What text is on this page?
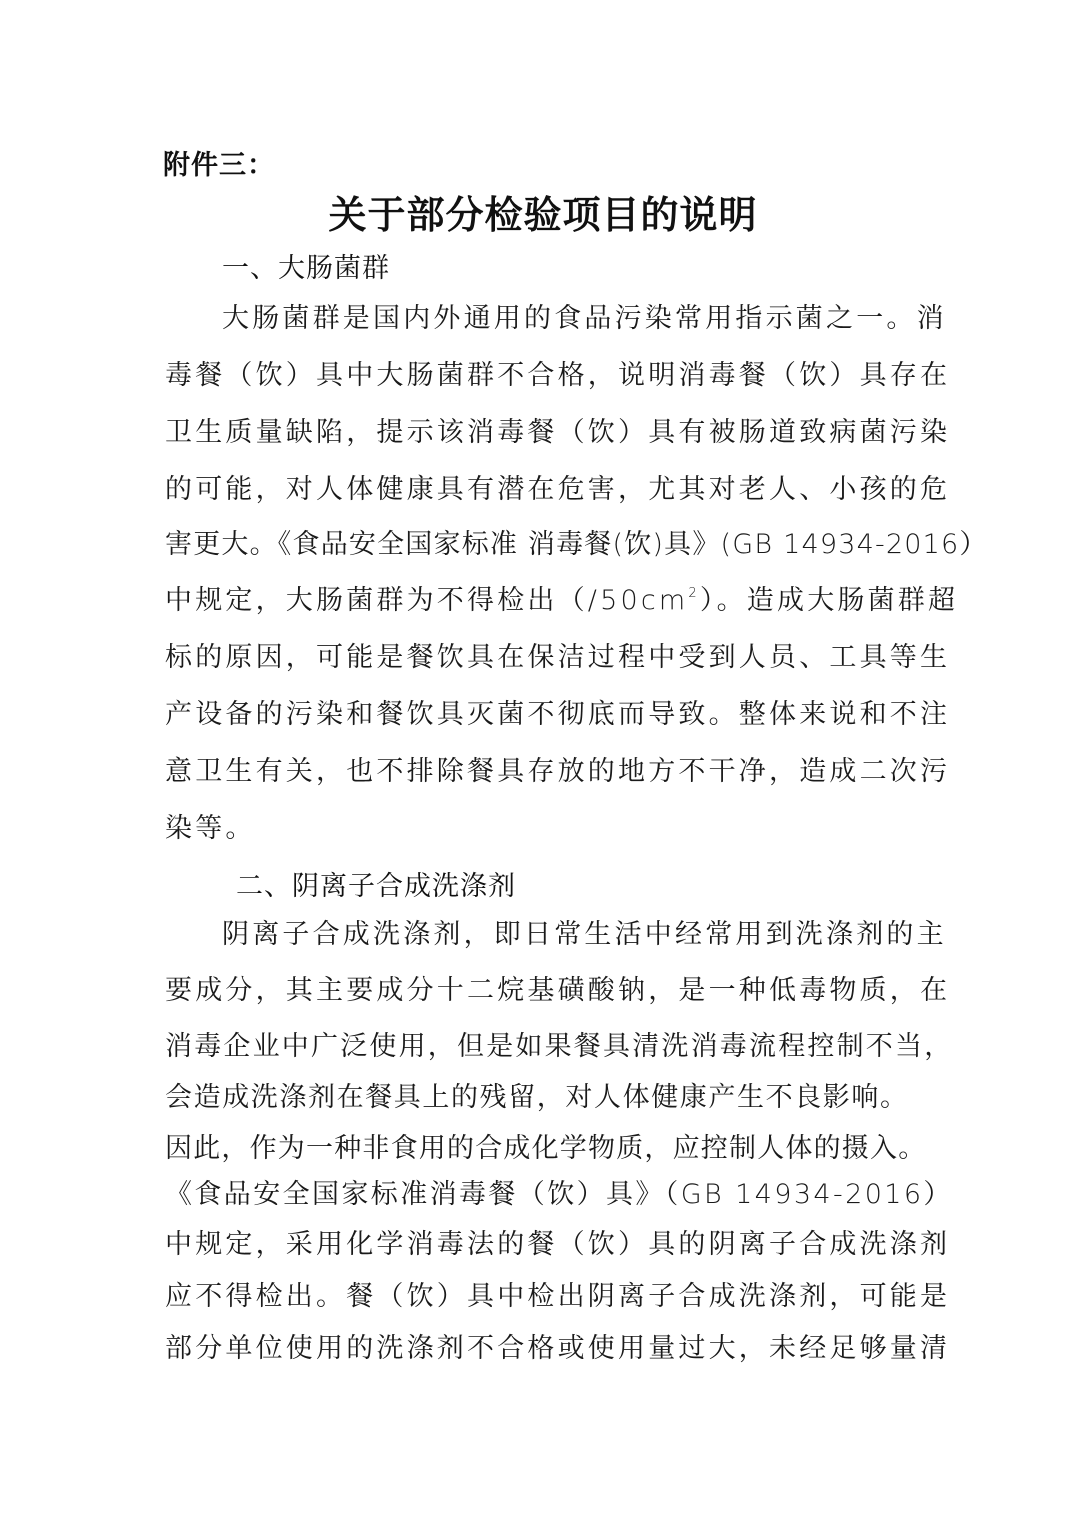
附件三：
关于部分检验项目的说明
一、大肠菌群
大肠菌群是国内外通用的食品污染常用指示菌之一。消
毒餐（饮）具中大肠菌群不合格，说明消毒餐（饮）具存在
卫生质量缺陷，提示该消毒餐（饮）具有被肠道致病菌污染
的可能，对人体健康具有潜在危害，尤其对老人、小孩的危
害更大。《食品安全国家标准 消毒餐(饮)具》(GB 14934-2016）
中规定，大肠菌群为不得检出$(/50cm^2)$。造成大肠菌群超
标的原因，可能是餐饮具在保洁过程中受到人员、工具等生
产设备的污染和餐饮具灭菌不彻底而导致。整体来说和不注
意卫生有关，也不排除餐具存放的地方不干净，造成二次污
染等。
二、阴离子合成洗涤剂
阴离子合成洗涤剂，即日常生活中经常用到洗涤剂的主
要成分，其主要成分十二烷基磺酸钠，是一种低毒物质，在
消毒企业中广泛使用，但是如果餐具清洗消毒流程控制不当，
会造成洗涤剂在餐具上的残留，对人体健康产生不良影响。
因此，作为一种非食用的合成化学物质，应控制人体的摄入。
《食品安全国家标准消毒餐（饮）具》（GB 14934-2016）
中规定，采用化学消毒法的餐（饮）具的阴离子合成洗涤剂
应不得检出。餐（饮）具中检出阴离子合成洗涤剂，可能是
部分单位使用的洗涤剂不合格或使用量过大，未经足够量清
